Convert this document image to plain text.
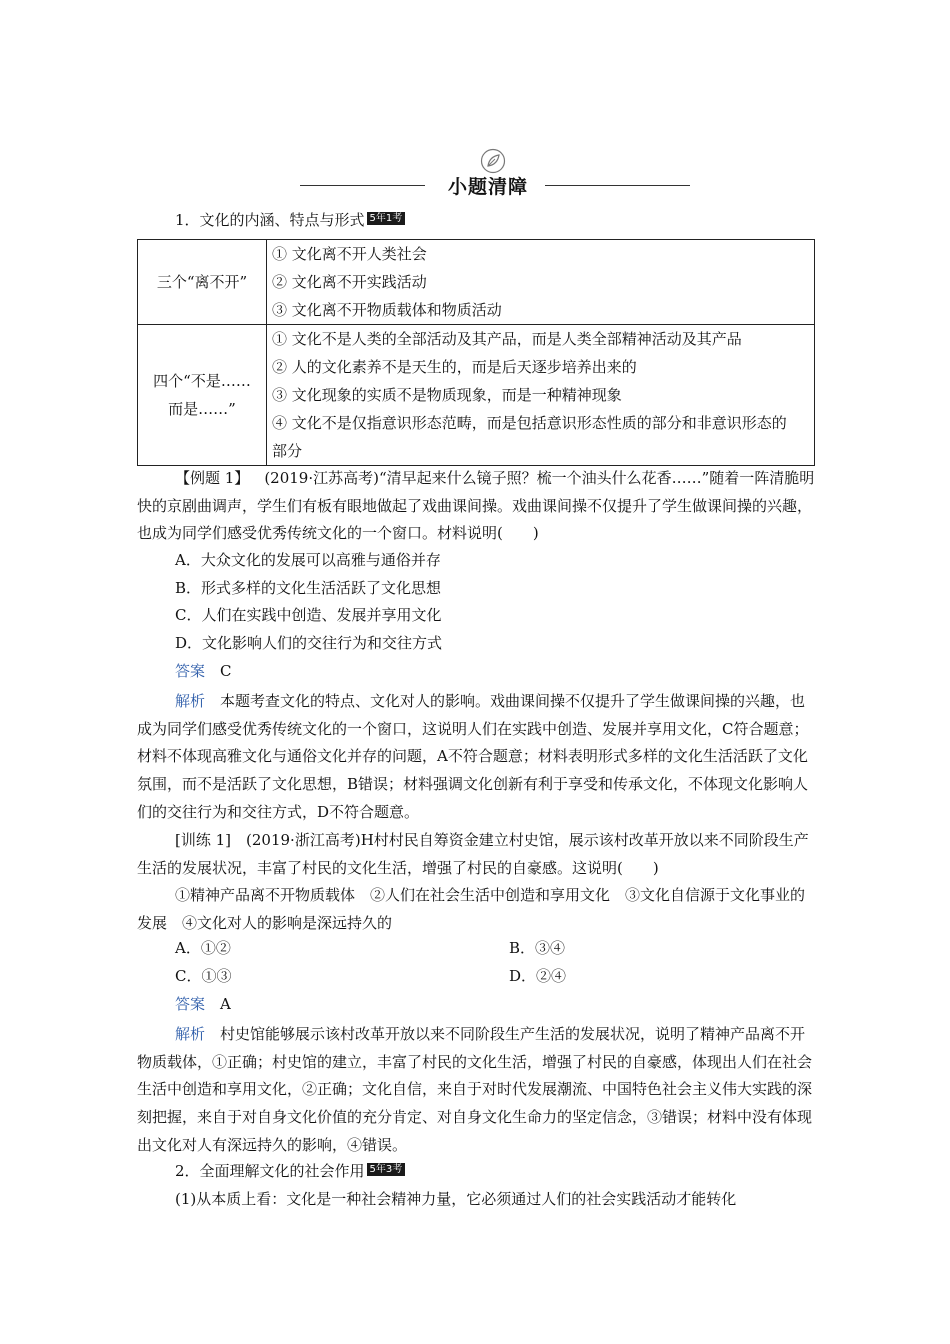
小题清障
1．文化的内涵、特点与形式 5年1考
三个“离不开”	① 文化离不开人类社会
② 文化离不开实践活动
③ 文化离不开物质载体和物质活动

四个“不是……而是……”	① 文化不是人类的全部活动及其产品，而是人类全部精神活动及其产品
② 人的文化素养不是天生的，而是后天逐步培养出来的
③ 文化现象的实质不是物质现象，而是一种精神现象
④ 文化不是仅指意识形态范畴，而是包括意识形态性质的部分和非意识形态的部分
【例题 1】  (2019·江苏高考)“清早起来什么镜子照？梳一个油头什么花香……”随着一阵清脆明快的京剧曲调声，学生们有板有眼地做起了戏曲课间操。戏曲课间操不仅提升了学生做课间操的兴趣，也成为同学们感受优秀传统文化的一个窗口。材料说明(　　)
A．大众文化的发展可以高雅与通俗并存
B．形式多样的文化生活活跃了文化思想
C．人们在实践中创造、发展并享用文化
D．文化影响人们的交往行为和交往方式
答案  C
解析  本题考查文化的特点、文化对人的影响。戏曲课间操不仅提升了学生做课间操的兴趣，也成为同学们感受优秀传统文化的一个窗口，这说明人们在实践中创造、发展并享用文化，C符合题意；材料不体现高雅文化与通俗文化并存的问题，A不符合题意；材料表明形式多样的文化生活活跃了文化氛围，而不是活跃了文化思想，B错误；材料强调文化创新有利于享受和传承文化，不体现文化影响人们的交往行为和交往方式，D不符合题意。
[训练 1]  (2019·浙江高考)H村村民自筹资金建立村史馆，展示该村改革开放以来不同阶段生产生活的发展状况，丰富了村民的文化生活，增强了村民的自豪感。这说明(　　)
①精神产品离不开物质载体　②人们在社会生活中创造和享用文化　③文化自信源于文化事业的发展　④文化对人的影响是深远持久的
A．①②	B．③④
C．①③	D．②④
答案  A
解析  村史馆能够展示该村改革开放以来不同阶段生产生活的发展状况，说明了精神产品离不开物质载体，①正确；村史馆的建立，丰富了村民的文化生活，增强了村民的自豪感，体现出人们在社会生活中创造和享用文化，②正确；文化自信，来自于对时代发展潮流、中国特色社会主义伟大实践的深刻把握，来自于对自身文化价值的充分肯定、对自身文化生命力的坚定信念，③错误；材料中没有体现出文化对人有深远持久的影响，④错误。
2．全面理解文化的社会作用 5年3考
(1)从本质上看：文化是一种社会精神力量，它必须通过人们的社会实践活动才能转化
